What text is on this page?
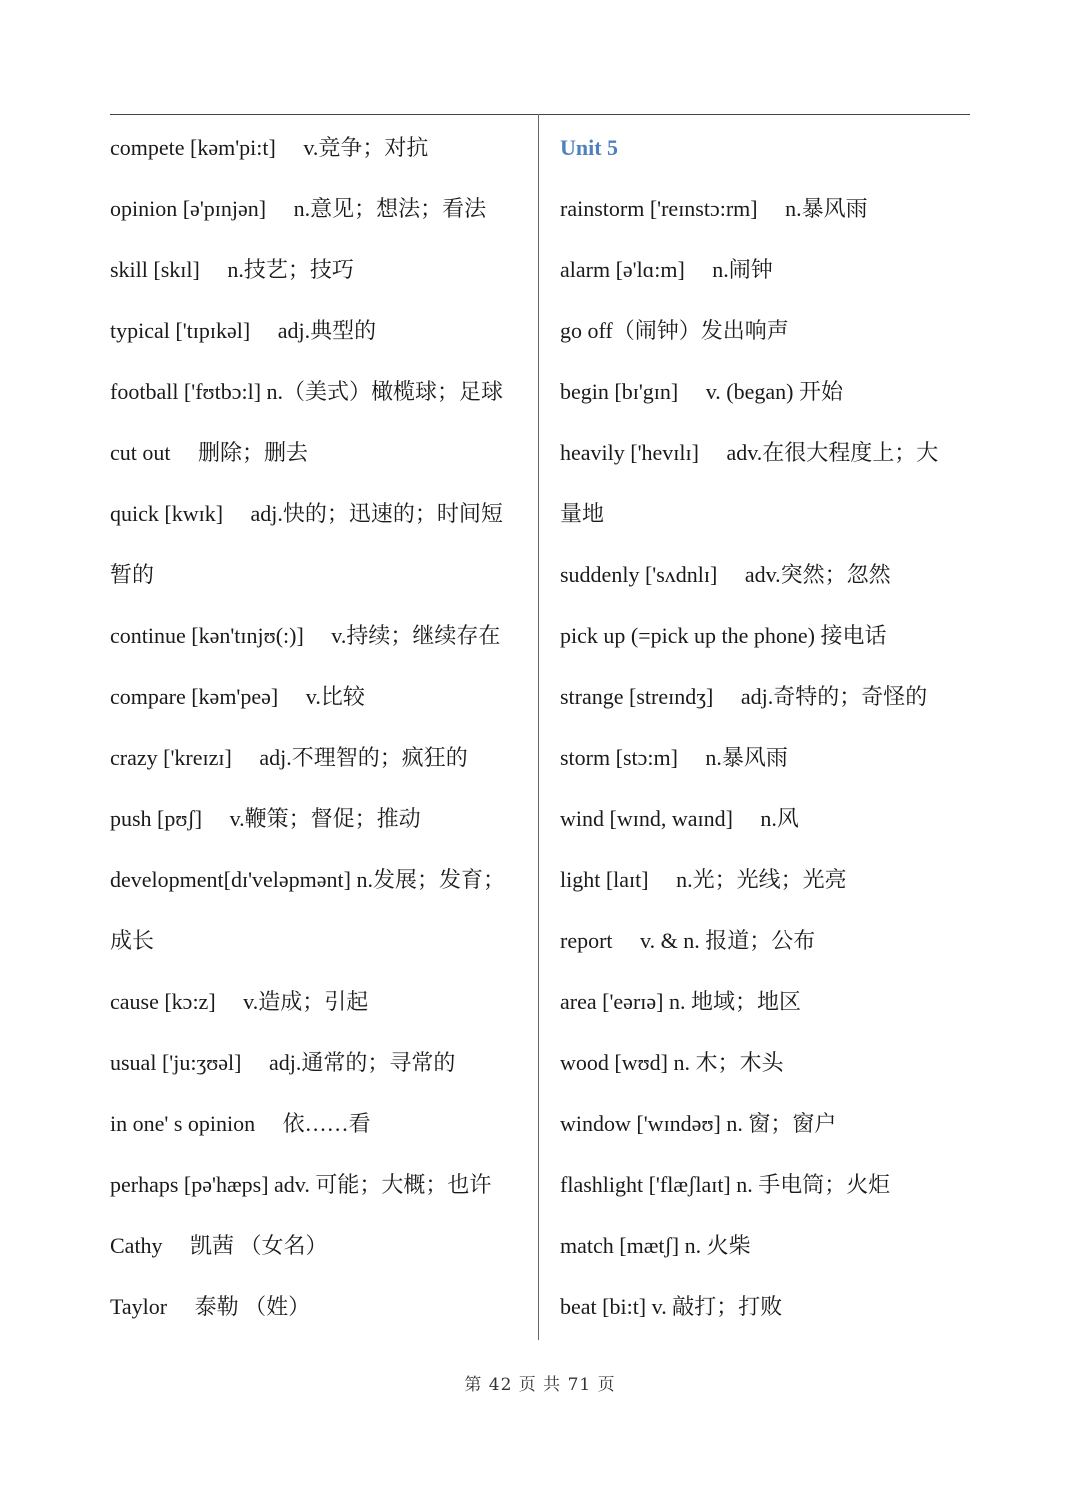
compete [kəm'pi:t]　 v.竞争；对抗
opinion [ə'pɪnjən]　 n.意见；想法；看法
skill [skɪl]　 n.技艺；技巧
typical ['tɪpɪkəl]　 adj.典型的
football ['fʊtbɔ:l] n.（美式）橄榄球；足球
cut out　 删除；删去
quick [kwɪk]　 adj.快的；迅速的；时间短
暂的
continue [kən'tɪnjʊ(:)]　 v.持续；继续存在
compare [kəm'peə]　 v.比较
crazy ['kreɪzɪ]　 adj.不理智的；疯狂的
push [pʊʃ]　 v.鞭策；督促；推动
development[dɪ'veləpmənt] n.发展；发育；
成长
cause [kɔ:z]　 v.造成；引起
usual ['ju:ʒʊəl]　 adj.通常的；寻常的
in one' s opinion　 依……看
perhaps [pə'hæps] adv. 可能；大概；也许
Cathy　 凯茜 （女名）
Taylor　 泰勒 （姓）
Unit 5
rainstorm ['reɪnstɔ:rm]　 n.暴风雨
alarm [ə'lɑ:m]　 n.闹钟
go off（闹钟）发出响声
begin [bɪ'gɪn]　 v. (began) 开始
heavily ['hevɪlɪ]　 adv.在很大程度上；大
量地
suddenly ['sʌdnlɪ]　 adv.突然；忽然
pick up (=pick up the phone) 接电话
strange [streɪndʒ]　 adj.奇特的；奇怪的
storm [stɔ:m]　 n.暴风雨
wind [wɪnd, waɪnd]　 n.风
light [laɪt]　 n.光；光线；光亮
report　 v. & n. 报道；公布
area ['eərɪə] n. 地域；地区
wood [wʊd] n. 木；木头
window ['wɪndəʊ] n. 窗；窗户
flashlight ['flæʃlaɪt] n. 手电筒；火炬
match [mætʃ] n. 火柴
beat [bi:t] v. 敲打；打败
第 42 页 共 71 页
